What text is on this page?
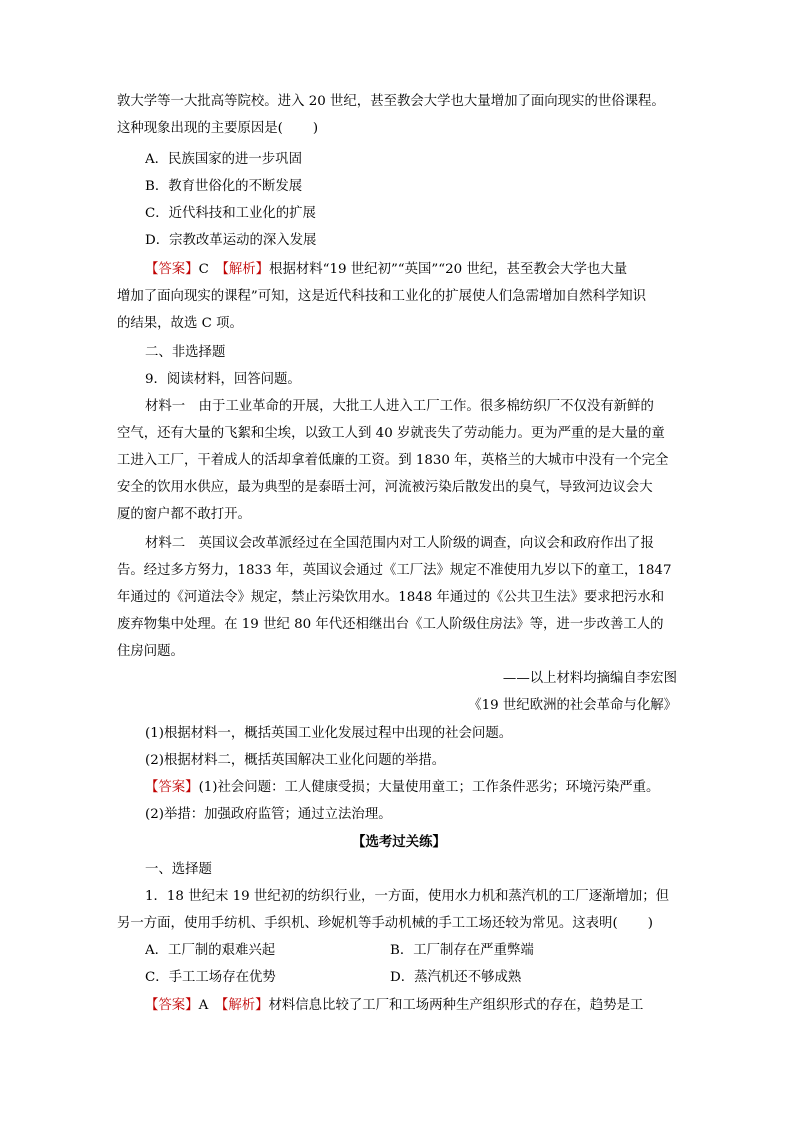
敦大学等一大批高等院校。进入 20 世纪，甚至教会大学也大量增加了面向现实的世俗课程。
这种现象出现的主要原因是( )
A．民族国家的进一步巩固
B．教育世俗化的不断发展
C．近代科技和工业化的扩展
D．宗教改革运动的深入发展
【答案】C　 【解析】根据材料“19 世纪初”“英国”“20 世纪，甚至教会大学也大量
增加了面向现实的课程”可知，这是近代科技和工业化的扩展使人们急需增加自然科学知识
的结果，故选 C 项。
二、非选择题
9．阅读材料，回答问题。
材料一　由于工业革命的开展，大批工人进入工厂工作。很多棉纺织厂不仅没有新鲜的
空气，还有大量的飞絮和尘埃，以致工人到 40 岁就丧失了劳动能力。更为严重的是大量的童
工进入工厂，干着成人的活却拿着低廉的工资。到 1830 年，英格兰的大城市中没有一个完全
安全的饮用水供应，最为典型的是泰晤士河，河流被污染后散发出的臭气，导致河边议会大
厦的窗户都不敢打开。
材料二　英国议会改革派经过在全国范围内对工人阶级的调查，向议会和政府作出了报
告。经过多方努力，1833 年，英国议会通过《工厂法》规定不准使用九岁以下的童工，1847
年通过的《河道法令》规定，禁止污染饮用水。1848 年通过的《公共卫生法》要求把污水和
废弃物集中处理。在 19 世纪 80 年代还相继出台《工人阶级住房法》等，进一步改善工人的
住房问题。
——以上材料均摘编自李宏图
《19 世纪欧洲的社会革命与化解》
(1)根据材料一，概括英国工业化发展过程中出现的社会问题。
(2)根据材料二，概括英国解决工业化问题的举措。
【答案】(1)社会问题：工人健康受损；大量使用童工；工作条件恶劣；环境污染严重。
(2)举措：加强政府监管；通过立法治理。
【选考过关练】
一、选择题
1．18 世纪末 19 世纪初的纺织行业，一方面，使用水力机和蒸汽机的工厂逐渐增加；但
另一方面，使用手纺机、手织机、珍妮机等手动机械的手工工场还较为常见。这表明( )
A．工厂制的艰难兴起	B．工厂制存在严重弊端
C．手工工场存在优势	D．蒸汽机还不够成熟
【答案】A　 【解析】材料信息比较了工厂和工场两种生产组织形式的存在，趋势是工
